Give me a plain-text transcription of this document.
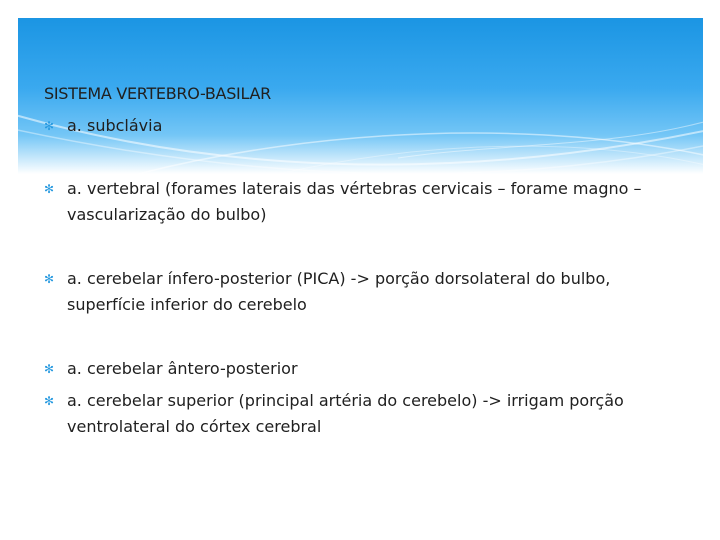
SISTEMA VERTEBRO-BASILAR
✻ a. subclávia
✻ a. vertebral (forames laterais das vértebras cervicais – forame magno – vascularização do bulbo)
✻ a. cerebelar ínfero-posterior (PICA) -> porção dorsolateral do bulbo, superfície inferior do cerebelo
✻ a. cerebelar ântero-posterior
✻ a. cerebelar superior (principal artéria do cerebelo) -> irrigam porção ventrolateral do córtex cerebral
